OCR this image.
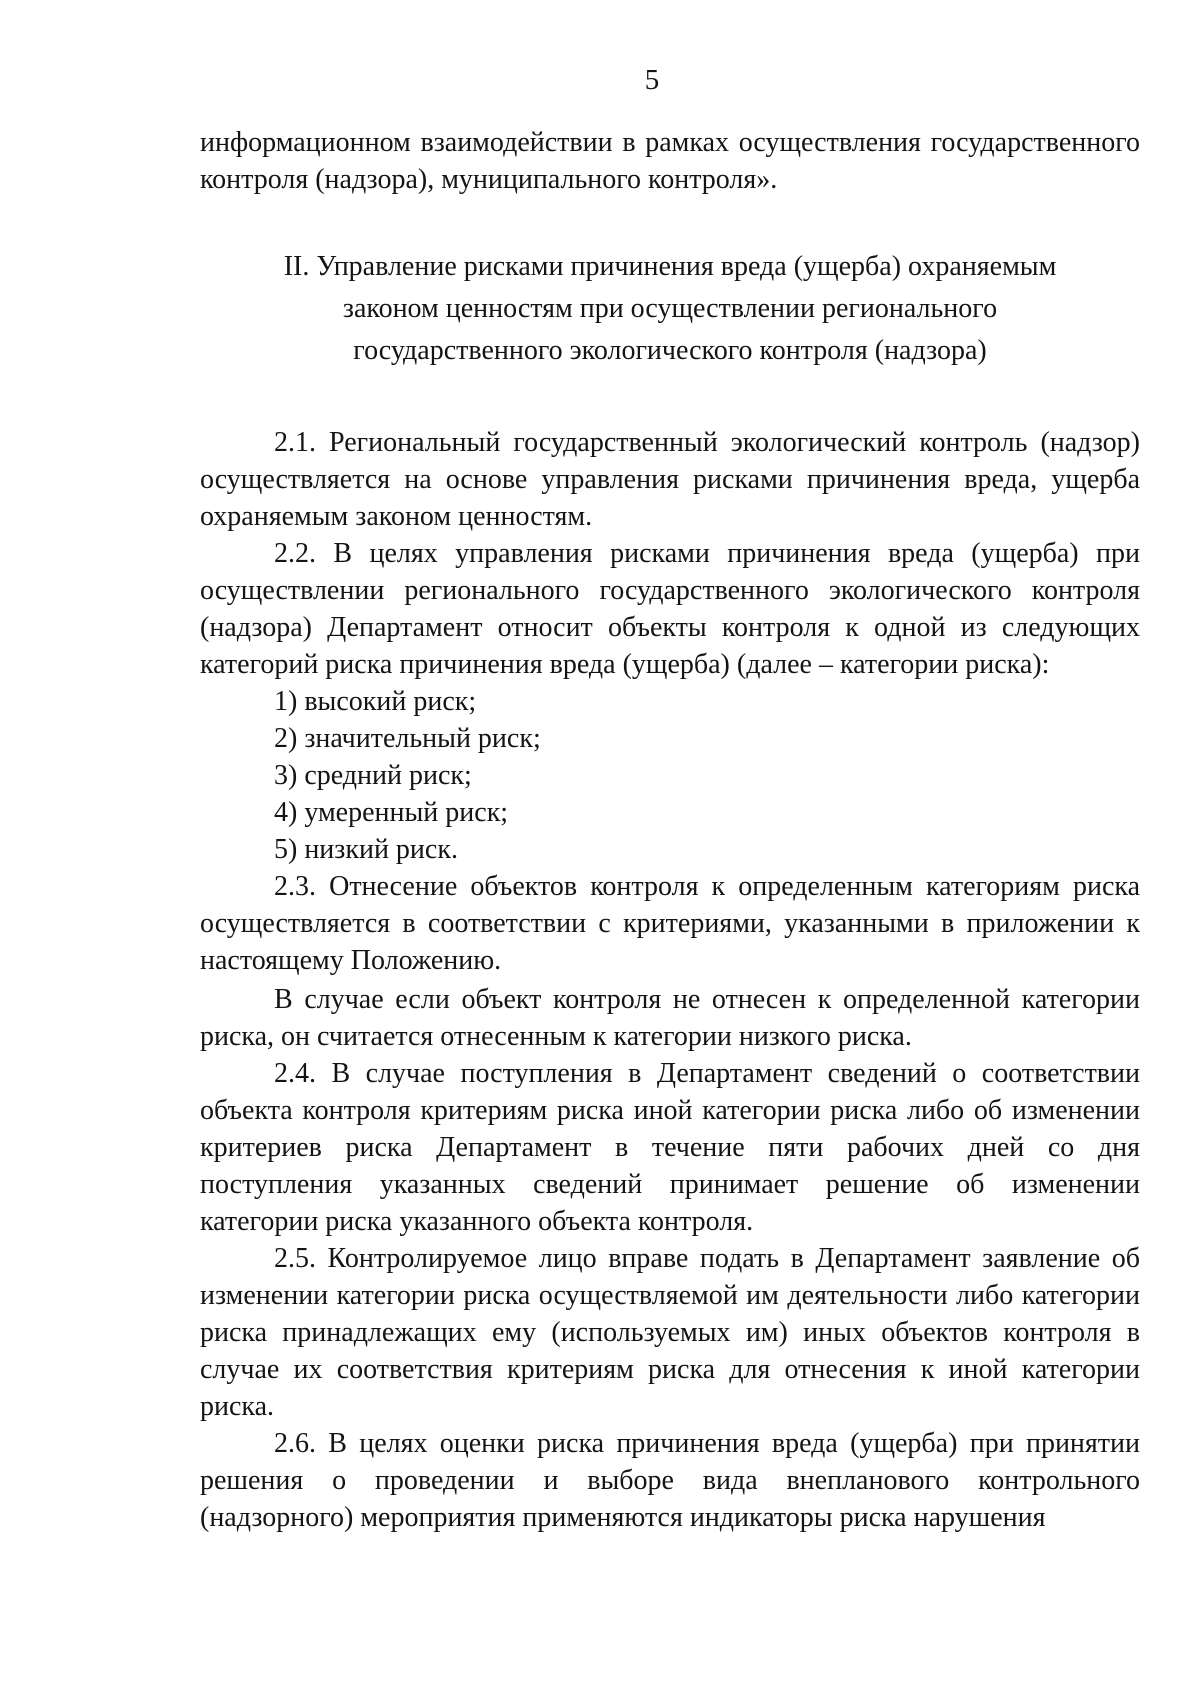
5

информационном взаимодействии в рамках осуществления государственного контроля (надзора), муниципального контроля».

II. Управление рисками причинения вреда (ущерба) охраняемым законом ценностям при осуществлении регионального государственного экологического контроля (надзора)

2.1. Региональный государственный экологический контроль (надзор) осуществляется на основе управления рисками причинения вреда, ущерба охраняемым законом ценностям.

2.2. В целях управления рисками причинения вреда (ущерба) при осуществлении регионального государственного экологического контроля (надзора) Департамент относит объекты контроля к одной из следующих категорий риска причинения вреда (ущерба) (далее – категории риска):

1) высокий риск;

2) значительный риск;

3) средний риск;

4) умеренный риск;

5) низкий риск.

2.3. Отнесение объектов контроля к определенным категориям риска осуществляется в соответствии с критериями, указанными в приложении к настоящему Положению.

В случае если объект контроля не отнесен к определенной категории риска, он считается отнесенным к категории низкого риска.

2.4. В случае поступления в Департамент сведений о соответствии объекта контроля критериям риска иной категории риска либо об изменении критериев риска Департамент в течение пяти рабочих дней со дня поступления указанных сведений принимает решение об изменении категории риска указанного объекта контроля.

2.5. Контролируемое лицо вправе подать в Департамент заявление об изменении категории риска осуществляемой им деятельности либо категории риска принадлежащих ему (используемых им) иных объектов контроля в случае их соответствия критериям риска для отнесения к иной категории риска.

2.6. В целях оценки риска причинения вреда (ущерба) при принятии решения о проведении и выборе вида внепланового контрольного (надзорного) мероприятия применяются индикаторы риска нарушения
